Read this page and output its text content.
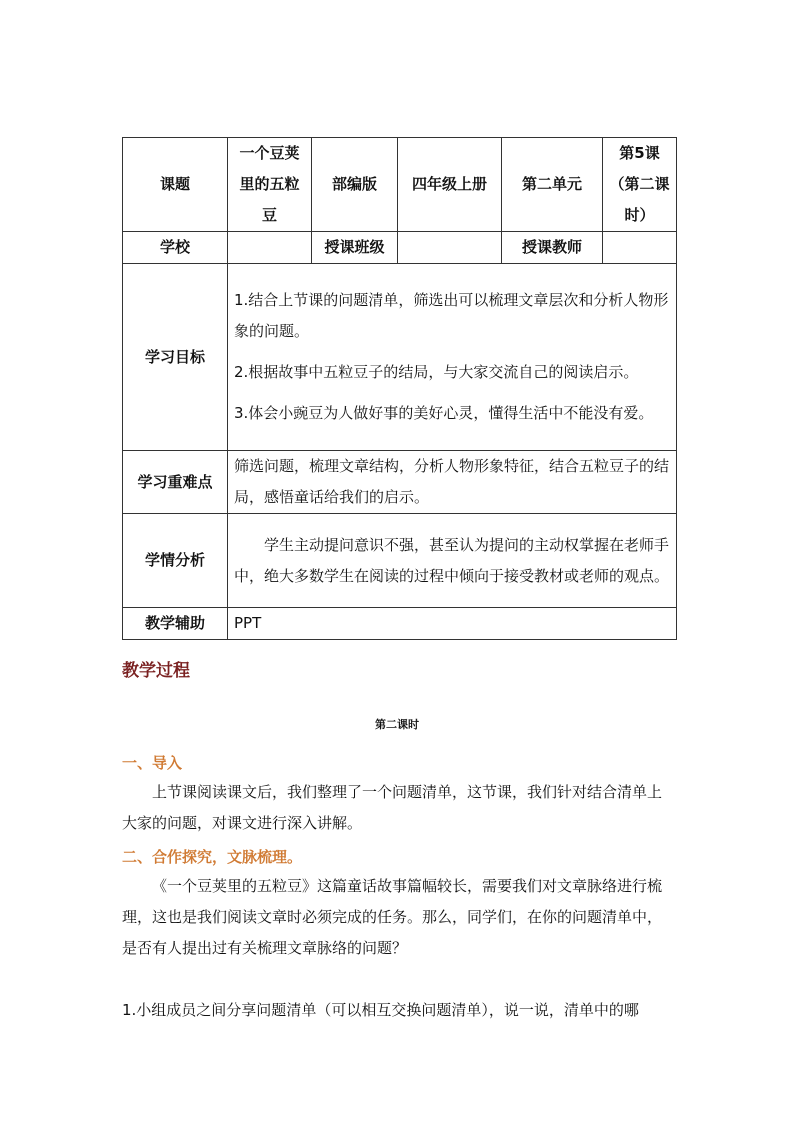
课题	一个豆荚里的五粒豆	部编版	四年级上册	第二单元	第5课（第二课时）
学校		授课班级		授课教师	
学习目标	1.结合上节课的问题清单，筛选出可以梳理文章层次和分析人物形象的问题。

2.根据故事中五粒豆子的结局，与大家交流自己的阅读启示。

3.体会小豌豆为人做好事的美好心灵，懂得生活中不能没有爱。				

学习重难点	筛选问题，梳理文章结构，分析人物形象特征，结合五粒豆子的结局，感悟童话给我们的启示。				
学情分析	学生主动提问意识不强，甚至认为提问的主动权掌握在老师手中，绝大多数学生在阅读的过程中倾向于接受教材或老师的观点。				
教学辅助	PPT				
教学过程
第二课时
一、导入

上节课阅读课文后，我们整理了一个问题清单，这节课，我们针对结合清单上大家的问题，对课文进行深入讲解。

二、合作探究，文脉梳理。

《一个豆荚里的五粒豆》这篇童话故事篇幅较长，需要我们对文章脉络进行梳理，这也是我们阅读文章时必须完成的任务。那么，同学们，在你的问题清单中，是否有人提出过有关梳理文章脉络的问题？

1.小组成员之间分享问题清单（可以相互交换问题清单），说一说，清单中的哪
